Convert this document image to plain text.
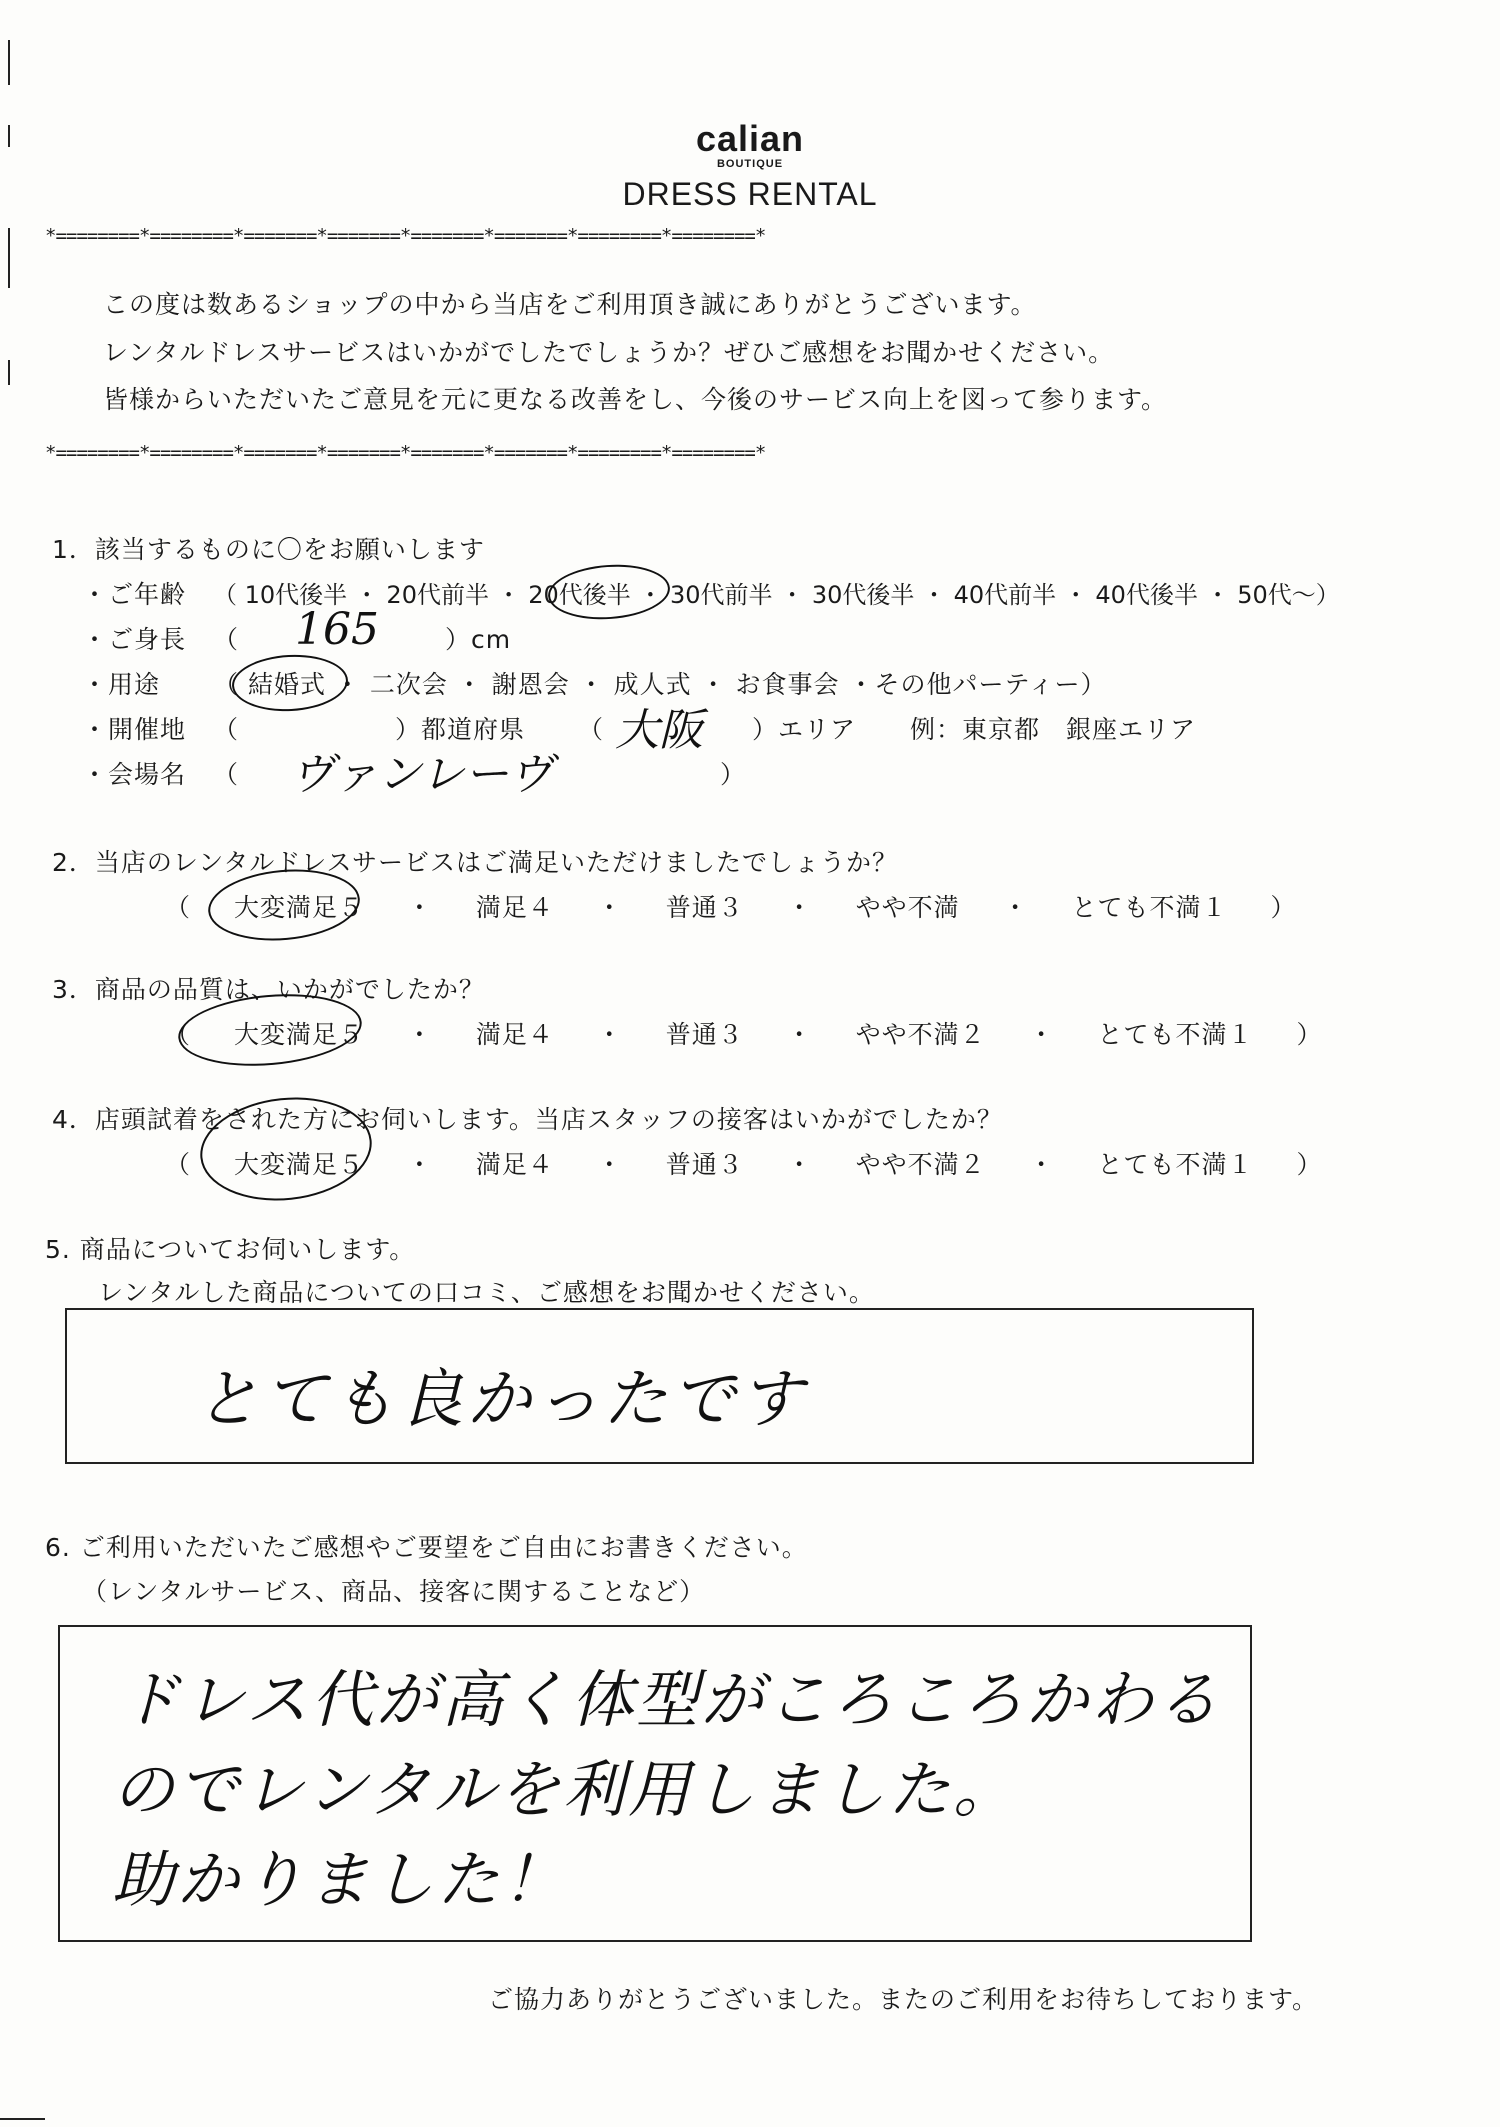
calian
BOUTIQUE
DRESS RENTAL
*========*========*=======*=======*=======*=======*========*========*
この度は数あるショップの中から当店をご利用頂き誠にありがとうございます。
レンタルドレスサービスはいかがでしたでしょうか？ぜひご感想をお聞かせください。
皆様からいただいたご意見を元に更なる改善をし、今後のサービス向上を図って参ります。
*========*========*=======*=======*=======*=======*========*========*
1．該当するものに〇をお願いします
・ご年齢 （ 10代後半 ・ 20代前半 ・ 20代後半 ・ 30代前半 ・ 30代後半 ・ 40代前半 ・ 40代後半 ・ 50代～）
・ご身長 （ 165	）cm
・用途 （ 結婚式 ・ 二次会 ・ 謝恩会 ・ 成人式 ・ お食事会 ・その他パーティー）
・開催地 （	）都道府県 （ 大阪 ）エリア 例：東京都　銀座エリア
・会場名 （ ヴァンレーヴ	）
2．当店のレンタルドレスサービスはご満足いただけましたでしょうか？
（ 大変満足５ ・ 満足４ ・ 普通３ ・ やや不満 ・ とても不満１ ）
3．商品の品質は、いかがでしたか？
（ 大変満足５ ・ 満足４ ・ 普通３ ・ やや不満２ ・ とても不満１ ）
4．店頭試着をされた方にお伺いします。当店スタッフの接客はいかがでしたか？
（ 大変満足５ ・ 満足４ ・ 普通３ ・ やや不満２ ・ とても不満１ ）
5. 商品についてお伺いします。
レンタルした商品についての口コミ、ご感想をお聞かせください。
とても良かったです
6. ご利用いただいたご感想やご要望をご自由にお書きください。
（レンタルサービス、商品、接客に関することなど）
ドレス代が高く体型がころころかわる
のでレンタルを利用しました。
助かりました！
ご協力ありがとうございました。またのご利用をお待ちしております。
